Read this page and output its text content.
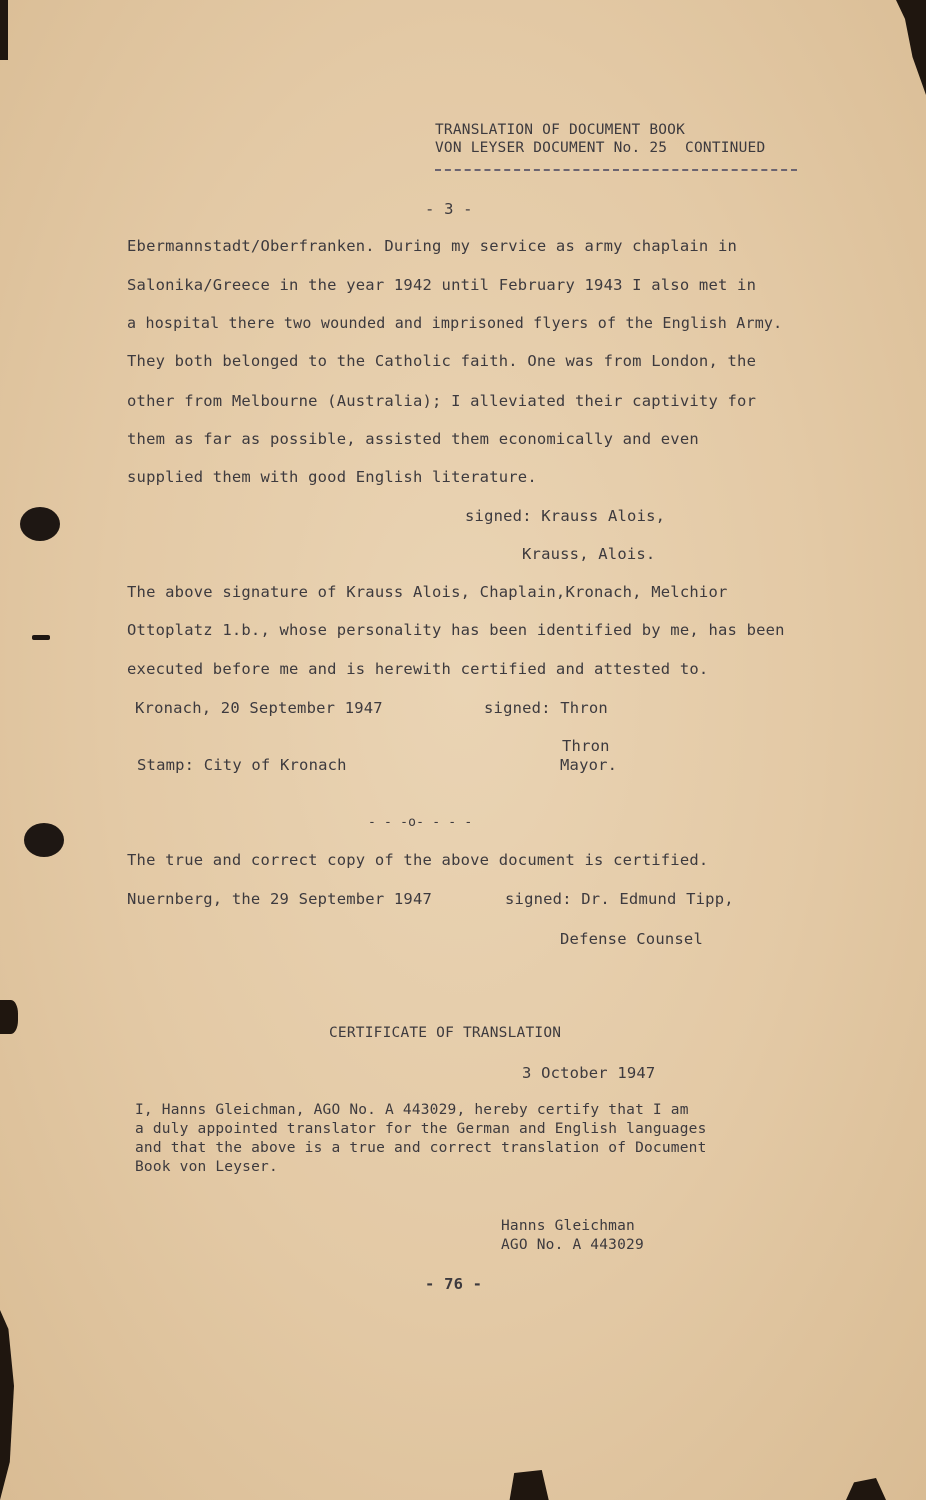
TRANSLATION OF DOCUMENT BOOK
VON LEYSER DOCUMENT No. 25  CONTINUED
- 3 -
Ebermannstadt/Oberfranken. During my service as army chaplain in
Salonika/Greece in the year 1942 until February 1943 I also met in
a hospital there two wounded and imprisoned flyers of the English Army.
They both belonged to the Catholic faith. One was from London, the
other from Melbourne (Australia); I alleviated their captivity for
them as far as possible, assisted them economically and even
supplied them with good English literature.
signed: Krauss Alois,
Krauss, Alois.
The above signature of Krauss Alois, Chaplain,Kronach, Melchior
Ottoplatz 1.b., whose personality has been identified by me, has been
executed before me and is herewith certified and attested to.
Kronach, 20 September 1947	signed: Thron
Thron
Stamp: City of Kronach	Mayor.
- - -o- - - -
The true and correct copy of the above document is certified.
Nuernberg, the 29 September 1947	signed: Dr. Edmund Tipp,
Defense Counsel
CERTIFICATE OF TRANSLATION
3 October 1947
I, Hanns Gleichman, AGO No. A 443029, hereby certify that I am
a duly appointed translator for the German and English languages
and that the above is a true and correct translation of Document
Book von Leyser.
Hanns Gleichman
AGO No. A 443029
- 76 -
